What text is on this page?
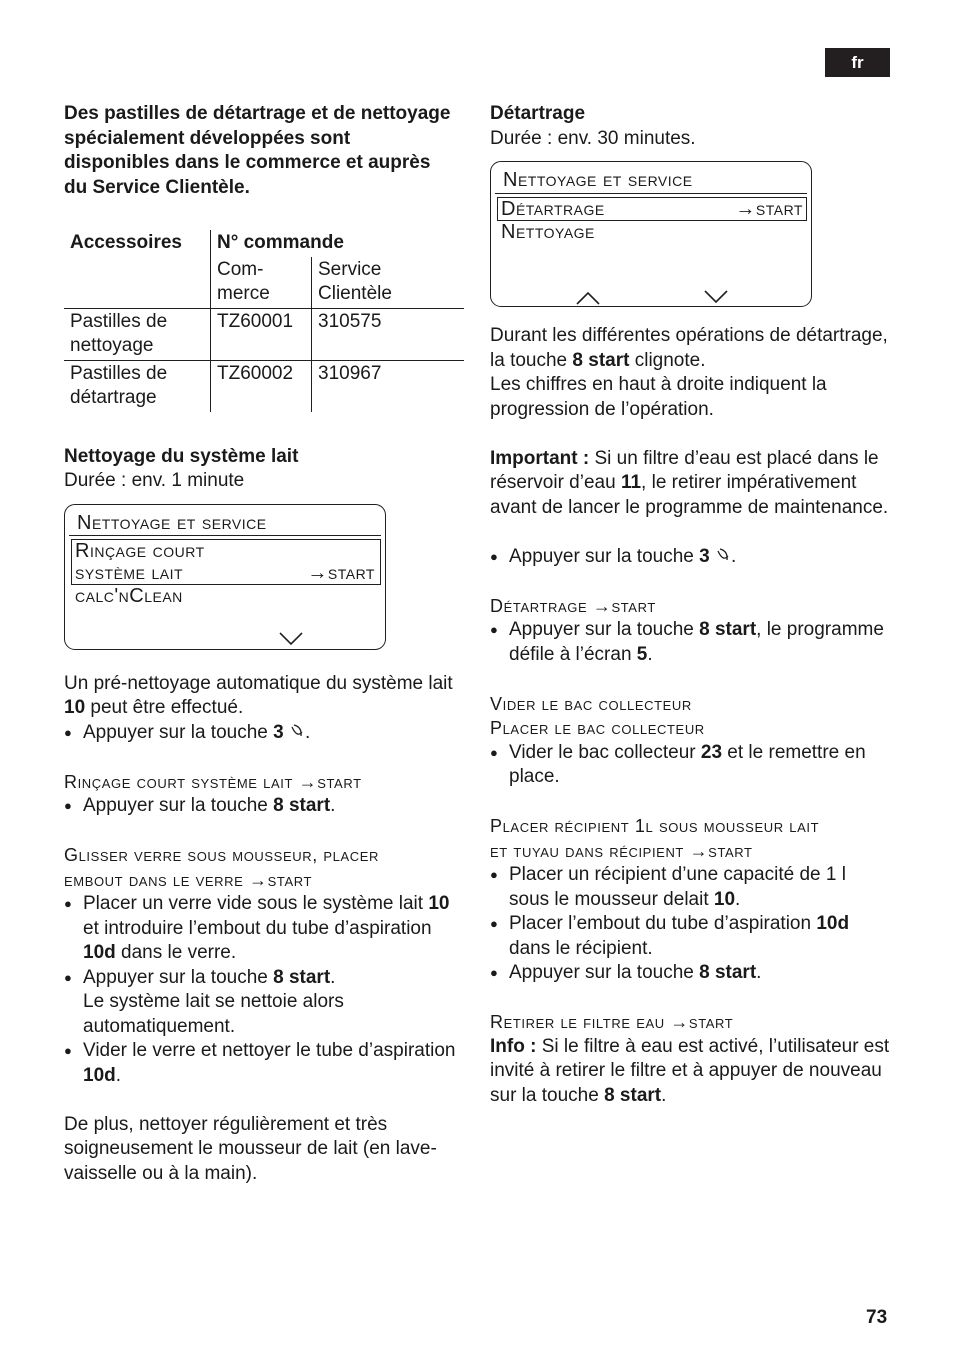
fr

Des pastilles de détartrage et de nettoyage spécialement développées sont disponibles dans le commerce et auprès du Service Clientèle.

Accessoires	N° commande	
	Com- merce	Service Clientèle
Pastilles de nettoyage	TZ60001	310575
Pastilles de détartrage	TZ60002	310967

Nettoyage du système lait

Durée : env. 1 minute

Nettoyage et service
Rinçage court
système lait	→start
calc'nClean

Un pré-nettoyage automatique du système lait 10 peut être effectué.

● Appuyer sur la touche 3 .

Rinçage court système lait →start

● Appuyer sur la touche 8 start.

Glisser verre sous mousseur, placer

embout dans le verre →start

● Placer un verre vide sous le système lait 10 et introduire l’embout du tube d’aspiration 10d dans le verre.
● Appuyer sur la touche 8 start.
Le système lait se nettoie alors automatiquement.
● Vider le verre et nettoyer le tube d’aspiration 10d.

De plus, nettoyer régulièrement et très soigneusement le mousseur de lait (en lave-vaisselle ou à la main).

Détartrage

Durée : env. 30 minutes.

Nettoyage et service
Détartrage	→start
Nettoyage

Durant les différentes opérations de détartrage, la touche 8 start clignote.

Les chiffres en haut à droite indiquent la progression de l’opération.

Important : Si un filtre d’eau est placé dans le réservoir d’eau 11, le retirer impérativement avant de lancer le programme de maintenance.

● Appuyer sur la touche 3 .

Détartrage →start

● Appuyer sur la touche 8 start, le programme défile à l’écran 5.

Vider le bac collecteur

Placer le bac collecteur

● Vider le bac collecteur 23 et le remettre en place.

Placer récipient 1l sous mousseur lait

et tuyau dans récipient →start

● Placer un récipient d’une capacité de 1 l sous le mousseur delait 10.
● Placer l’embout du tube d’aspiration 10d dans le récipient.
● Appuyer sur la touche 8 start.

Retirer le filtre eau →start

Info : Si le filtre à eau est activé, l’utilisateur est invité à retirer le filtre et à appuyer de nouveau sur la touche 8 start.

73
